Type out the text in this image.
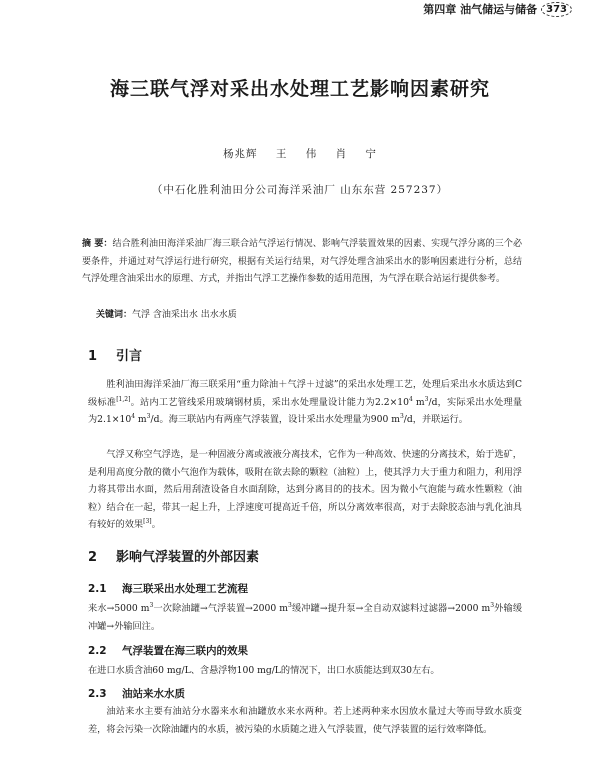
第四章 油气储运与储备 373
海三联气浮对采出水处理工艺影响因素研究
杨兆辉 王 伟 肖 宁
（中石化胜利油田分公司海洋采油厂 山东东营 257237）
摘 要：结合胜利油田海洋采油厂海三联合站气浮运行情况、影响气浮装置效果的因素、实现气浮分离的三个必要条件，并通过对气浮运行进行研究，根据有关运行结果，对气浮处理含油采出水的影响因素进行分析，总结气浮处理含油采出水的原理、方式，并指出气浮工艺操作参数的适用范围，为气浮在联合站运行提供参考。
关键词：气浮 含油采出水 出水水质
1 引言
胜利油田海洋采油厂海三联采用“重力除油＋气浮＋过滤”的采出水处理工艺，处理后采出水水质达到C级标准[1,2]。站内工艺管线采用玻璃钢材质，采出水处理量设计能力为$2.2\times 10^4$ $m^3/d$，实际采出水处理量为$2.1\times 10^4$ $m^3/d$。海三联站内有两座气浮装置，设计采出水处理量为900 $m^3/d$，并联运行。
气浮又称空气浮选，是一种固液分离或液液分离技术，它作为一种高效、快速的分离技术，始于选矿，是利用高度分散的微小气泡作为载体，吸附在欲去除的颗粒（油粒）上，使其浮力大于重力和阻力，利用浮力将其带出水面，然后用刮渣设备自水面刮除，达到分离目的的技术。因为微小气泡能与疏水性颗粒（油粒）结合在一起，带其一起上升，上浮速度可提高近千倍，所以分离效率很高，对于去除胶态油与乳化油具有较好的效果[3]。
2 影响气浮装置的外部因素
2.1 海三联采出水处理工艺流程
来水→5000 $m^3$一次除油罐→气浮装置→2000 $m^3$缓冲罐→提升泵→全自动双滤料过滤器→2000 $m^3$外输缓冲罐→外输回注。
2.2 气浮装置在海三联内的效果
在进口水质含油60 mg/L、含悬浮物100 mg/L的情况下，出口水质能达到双30左右。
2.3 油站来水水质
油站来水主要有油站分水器来水和油罐放水来水两种。若上述两种来水因放水量过大等而导致水质变差，将会污染一次除油罐内的水质，被污染的水质随之进入气浮装置，使气浮装置的运行效率降低。
